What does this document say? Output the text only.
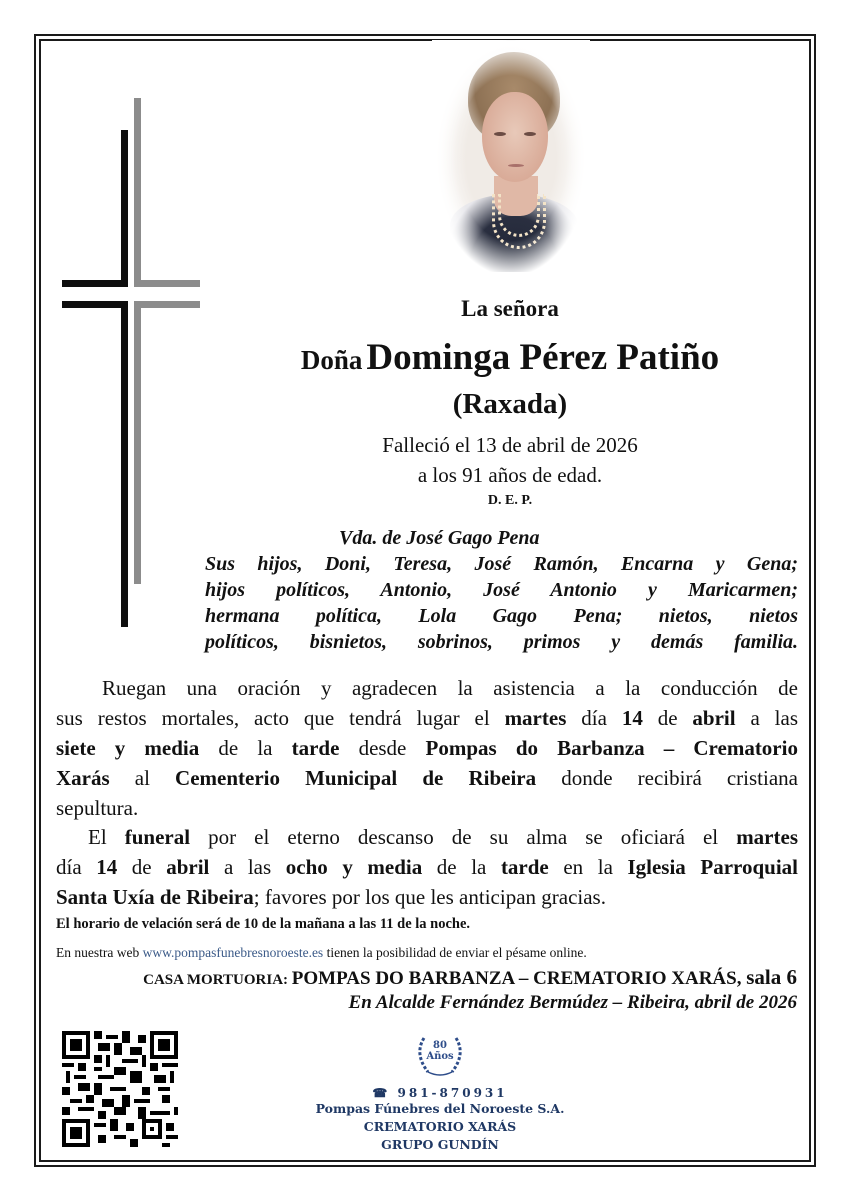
La señora
Doña Dominga Pérez Patiño
(Raxada)
Falleció el 13 de abril de 2026
a los 91 años de edad.
D. E. P.
Vda. de José Gago Pena
Sus hijos, Doni, Teresa, José Ramón, Encarna y Gena;
hijos políticos, Antonio, José Antonio y Maricarmen;
hermana política, Lola Gago Pena; nietos, nietos
políticos, bisnietos, sobrinos, primos y demás familia.
Ruegan una oración y agradecen la asistencia a la conducción de
sus restos mortales, acto que tendrá lugar el martes día 14 de abril a las
siete y media de la tarde desde Pompas do Barbanza – Crematorio
Xarás al Cementerio Municipal de Ribeira donde recibirá cristiana
sepultura.
El funeral por el eterno descanso de su alma se oficiará el martes
día 14 de abril a las ocho y media de la tarde en la Iglesia Parroquial
Santa Uxía de Ribeira; favores por los que les anticipan gracias.
El horario de velación será de 10 de la mañana a las 11 de la noche.
En nuestra web www.pompasfunebresnoroeste.es tienen la posibilidad de enviar el pésame online.
CASA MORTUORIA: POMPAS DO BARBANZA – CREMATORIO XARÁS, sala 6
En Alcalde Fernández Bermúdez – Ribeira, abril de 2026
80
Años
☎ 981-870931
Pompas Fúnebres del Noroeste S.A.
CREMATORIO XARÁS
GRUPO GUNDÍN
